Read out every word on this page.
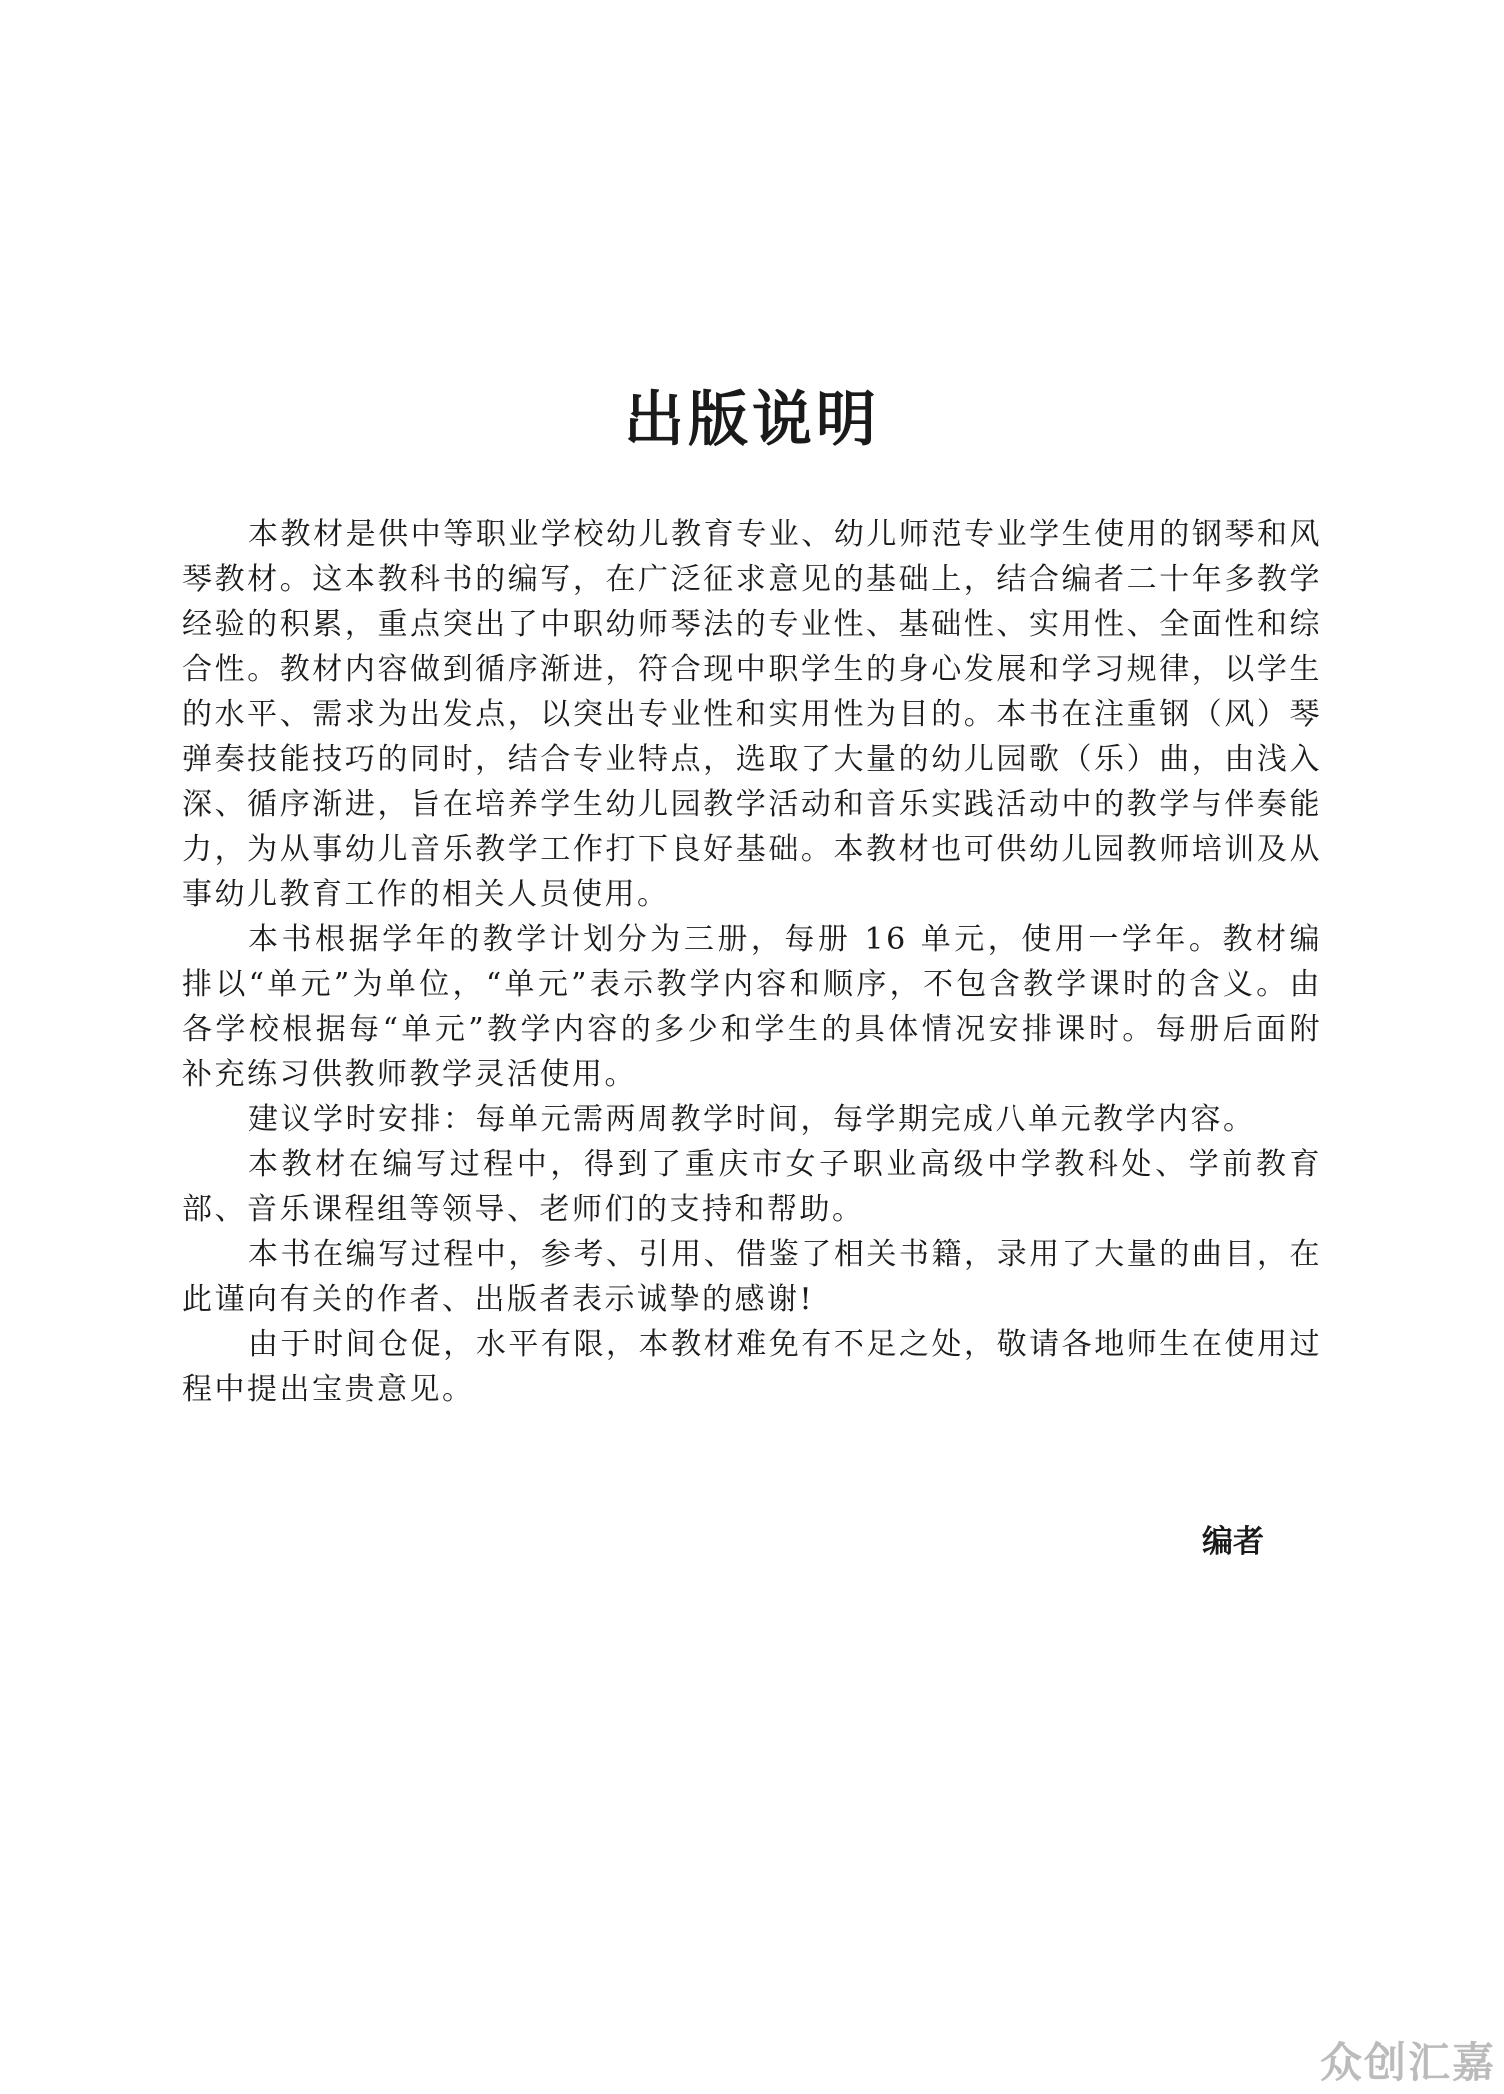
出版说明

本教材是供中等职业学校幼儿教育专业、幼儿师范专业学生使用的钢琴和风琴教材。这本教科书的编写，在广泛征求意见的基础上，结合编者二十年多教学经验的积累，重点突出了中职幼师琴法的专业性、基础性、实用性、全面性和综合性。教材内容做到循序渐进，符合现中职学生的身心发展和学习规律，以学生的水平、需求为出发点，以突出专业性和实用性为目的。本书在注重钢（风）琴弹奏技能技巧的同时，结合专业特点，选取了大量的幼儿园歌（乐）曲，由浅入深、循序渐进，旨在培养学生幼儿园教学活动和音乐实践活动中的教学与伴奏能力，为从事幼儿音乐教学工作打下良好基础。本教材也可供幼儿园教师培训及从事幼儿教育工作的相关人员使用。

本书根据学年的教学计划分为三册，每册 16 单元，使用一学年。教材编排以“单元”为单位，“单元”表示教学内容和顺序，不包含教学课时的含义。由各学校根据每“单元”教学内容的多少和学生的具体情况安排课时。每册后面附补充练习供教师教学灵活使用。

建议学时安排：每单元需两周教学时间，每学期完成八单元教学内容。

本教材在编写过程中，得到了重庆市女子职业高级中学教科处、学前教育部、音乐课程组等领导、老师们的支持和帮助。

本书在编写过程中，参考、引用、借鉴了相关书籍，录用了大量的曲目，在此谨向有关的作者、出版者表示诚挚的感谢!

由于时间仓促，水平有限，本教材难免有不足之处，敬请各地师生在使用过程中提出宝贵意见。

编者
众创汇嘉
